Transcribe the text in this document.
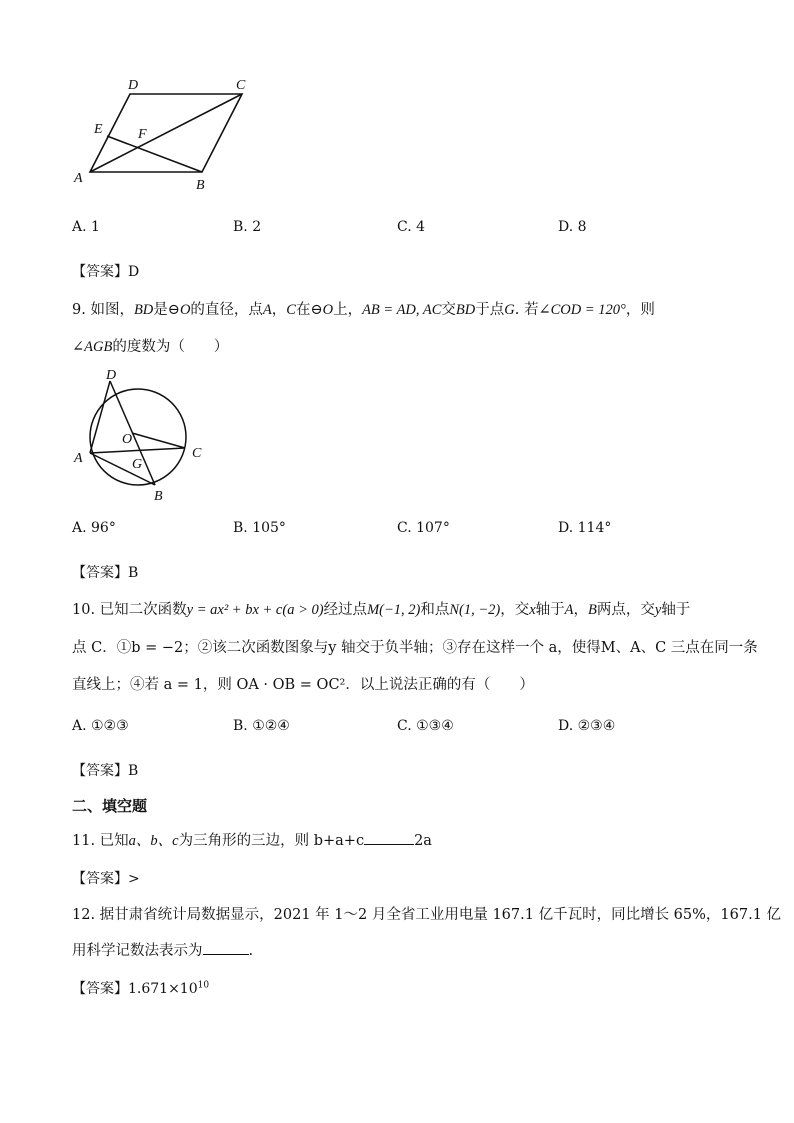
D	C
E	F
A	B
A. 1	B. 2	C. 4	D. 8
【答案】D
9. 如图，BD是⊖O的直径，点A，C在⊖O上，AB = AD, AC交BD于点G. 若∠COD = 120°，则
∠AGB的度数为（　　）
D
O
C
A	G
B
A. 96°	B. 105°	C. 107°	D. 114°
【答案】B
10. 已知二次函数y = ax² + bx + c(a > 0)经过点M(−1, 2)和点N(1, −2)，交x轴于A，B两点，交y轴于
点 C．①b = −2；②该二次函数图象与y 轴交于负半轴；③存在这样一个 a，使得M、A、C 三点在同一条
直线上；④若 a = 1，则 OA · OB = OC²．以上说法正确的有（　　）
A. ①②③	B. ①②④	C. ①③④	D. ②③④
【答案】B
二、填空题
11. 已知a、b、c为三角形的三边，则 b+a+c	2a
【答案】>
12. 据甘肃省统计局数据显示，2021 年 1～2 月全省工业用电量 167.1 亿千瓦时，同比增长 65%，167.1 亿
用科学记数法表示为	.
【答案】$1.671\times 10^{10}$
